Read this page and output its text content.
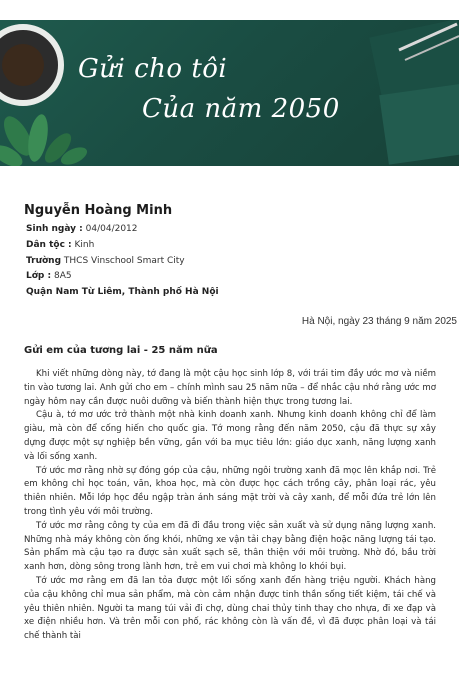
Gửi cho tôi
Của năm 2050
Nguyễn Hoàng Minh
Sinh ngày : 04/04/2012
Dân tộc : Kinh
Trường THCS Vinschool Smart City
Lớp : 8A5
Quận Nam Từ Liêm, Thành phố Hà Nội
Hà Nội, ngày 23 tháng 9 năm 2025
Gửi em của tương lai - 25 năm nữa

Khi viết những dòng này, tớ đang là một cậu học sinh lớp 8, với trái tim đầy ước mơ và niềm tin vào tương lai. Anh gửi cho em – chính mình sau 25 năm nữa – để nhắc cậu nhớ rằng ước mơ ngày hôm nay cần được nuôi dưỡng và biến thành hiện thực trong tương lai.

Cậu à, tớ mơ ước trở thành một nhà kinh doanh xanh. Nhưng kinh doanh không chỉ để làm giàu, mà còn để cống hiến cho quốc gia. Tớ mong rằng đến năm 2050, cậu đã thực sự xây dựng được một sự nghiệp bền vững, gắn với ba mục tiêu lớn: giáo dục xanh, năng lượng xanh và lối sống xanh.

Tớ ước mơ rằng nhờ sự đóng góp của cậu, những ngôi trường xanh đã mọc lên khắp nơi. Trẻ em không chỉ học toán, văn, khoa học, mà còn được học cách trồng cây, phân loại rác, yêu thiên nhiên. Mỗi lớp học đều ngập tràn ánh sáng mặt trời và cây xanh, để mỗi đứa trẻ lớn lên trong tình yêu với môi trường.

Tớ ước mơ rằng công ty của em đã đi đầu trong việc sản xuất và sử dụng năng lượng xanh. Những nhà máy không còn ống khói, những xe vận tải chạy bằng điện hoặc năng lượng tái tạo. Sản phẩm mà cậu tạo ra được sản xuất sạch sẽ, thân thiện với môi trường. Nhờ đó, bầu trời xanh hơn, dòng sông trong lành hơn, trẻ em vui chơi mà không lo khói bụi.

Tớ ước mơ rằng em đã lan tỏa được một lối sống xanh đến hàng triệu người. Khách hàng của cậu không chỉ mua sản phẩm, mà còn cảm nhận được tinh thần sống tiết kiệm, tái chế và yêu thiên nhiên. Người ta mang túi vải đi chợ, dùng chai thủy tinh thay cho nhựa, đi xe đạp và xe điện nhiều hơn. Và trên mỗi con phố, rác không còn là vấn đề, vì đã được phân loại và tái chế thành tài
